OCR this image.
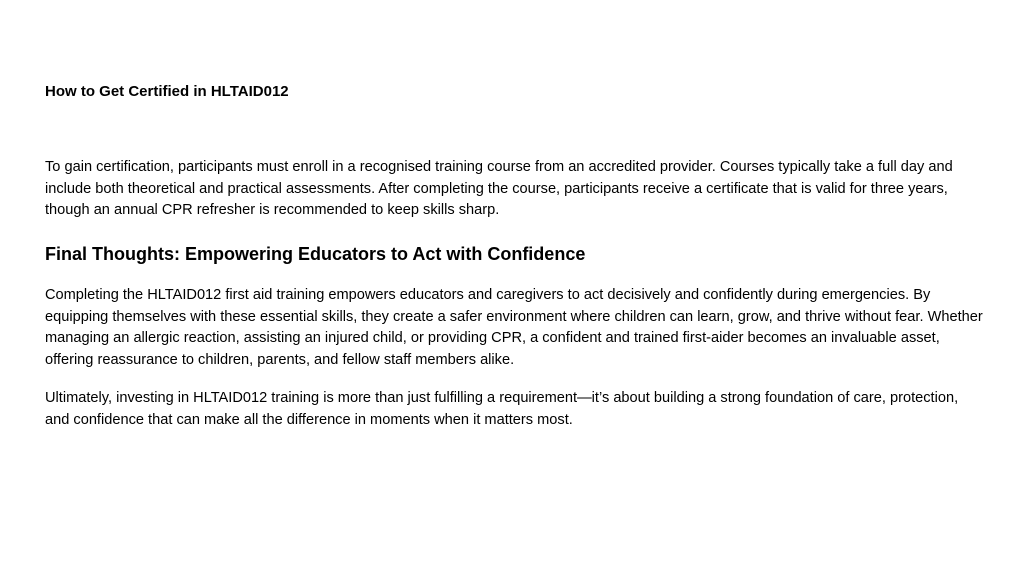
How to Get Certified in HLTAID012

To gain certification, participants must enroll in a recognised training course from an accredited provider. Courses typically take a full day and include both theoretical and practical assessments. After completing the course, participants receive a certificate that is valid for three years, though an annual CPR refresher is recommended to keep skills sharp.

Final Thoughts: Empowering Educators to Act with Confidence

Completing the HLTAID012 first aid training empowers educators and caregivers to act decisively and confidently during emergencies. By equipping themselves with these essential skills, they create a safer environment where children can learn, grow, and thrive without fear. Whether managing an allergic reaction, assisting an injured child, or providing CPR, a confident and trained first-aider becomes an invaluable asset, offering reassurance to children, parents, and fellow staff members alike.

Ultimately, investing in HLTAID012 training is more than just fulfilling a requirement—it’s about building a strong foundation of care, protection, and confidence that can make all the difference in moments when it matters most.
